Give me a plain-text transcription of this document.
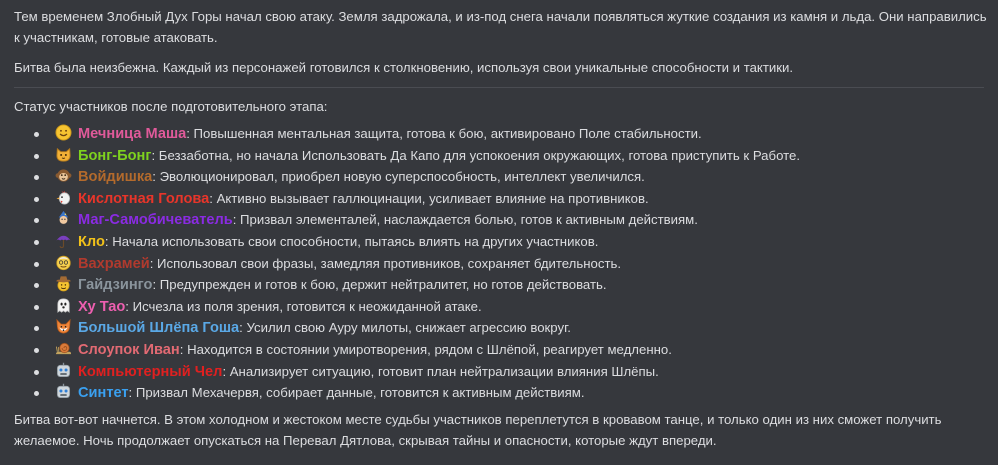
Тем временем Злобный Дух Горы начал свою атаку. Земля задрожала, и из-под снега начали появляться жуткие создания из камня и льда. Они направились к участникам, готовые атаковать.
Битва была неизбежна. Каждый из персонажей готовился к столкновению, используя свои уникальные способности и тактики.
Статус участников после подготовительного этапа:
Мечница Маша: Повышенная ментальная защита, готова к бою, активировано Поле стабильности.
Бонг-Бонг: Беззаботна, но начала Использовать Да Капо для успокоения окружающих, готова приступить к Работе.
Войдишка: Эволюционировал, приобрел новую суперспособность, интеллект увеличился.
Кислотная Голова: Активно вызывает галлюцинации, усиливает влияние на противников.
Маг-Самобичеватель: Призвал элементалей, наслаждается болью, готов к активным действиям.
Кло: Начала использовать свои способности, пытаясь влиять на других участников.
Вахрамей: Использовал свои фразы, замедляя противников, сохраняет бдительность.
Гайдзинго: Предупрежден и готов к бою, держит нейтралитет, но готов действовать.
Ху Тао: Исчезла из поля зрения, готовится к неожиданной атаке.
Большой Шлёпа Гоша: Усилил свою Ауру милоты, снижает агрессию вокруг.
Слоупок Иван: Находится в состоянии умиротворения, рядом с Шлёпой, реагирует медленно.
Компьютерный Чел: Анализирует ситуацию, готовит план нейтрализации влияния Шлёпы.
Синтет: Призвал Мехачервя, собирает данные, готовится к активным действиям.
Битва вот-вот начнется. В этом холодном и жестоком месте судьбы участников переплетутся в кровавом танце, и только один из них сможет получить желаемое. Ночь продолжает опускаться на Перевал Дятлова, скрывая тайны и опасности, которые ждут впереди.
